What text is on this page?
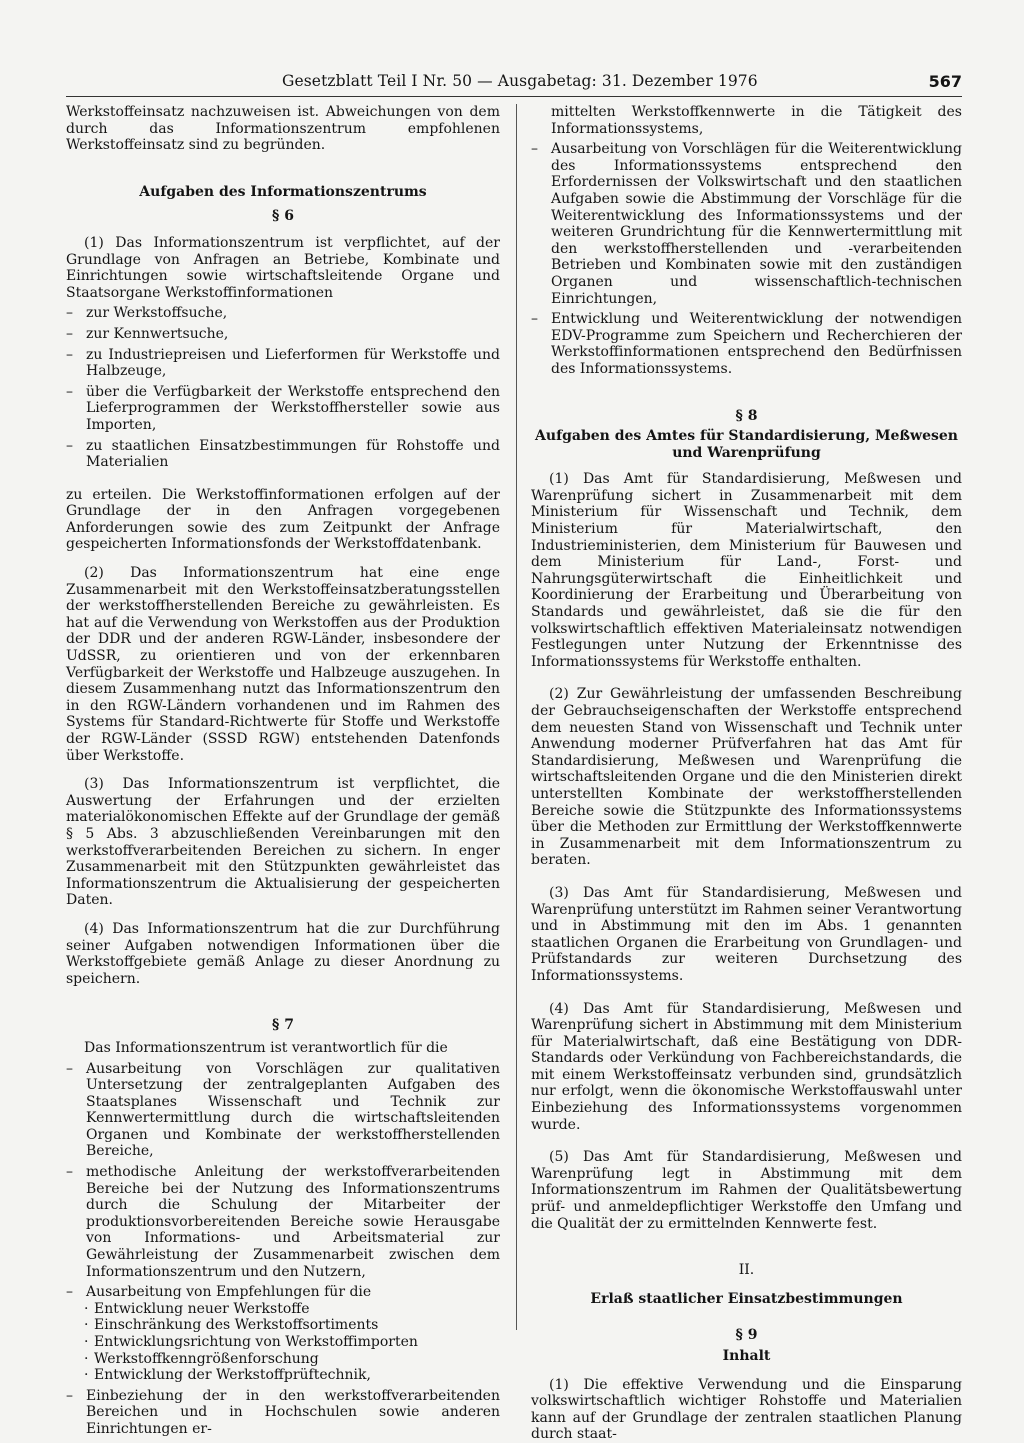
Gesetzblatt Teil I Nr. 50 — Ausgabetag: 31. Dezember 1976	567

Werkstoffeinsatz nachzuweisen ist. Abweichungen von dem durch das Informationszentrum empfohlenen Werkstoffeinsatz sind zu begründen.

Aufgaben des Informationszentrums

§ 6

(1) Das Informationszentrum ist verpflichtet, auf der Grundlage von Anfragen an Betriebe, Kombinate und Einrichtungen sowie wirtschaftsleitende Organe und Staatsorgane Werkstoffinformationen

– zur Werkstoffsuche,
– zur Kennwertsuche,
– zu Industriepreisen und Lieferformen für Werkstoffe und Halbzeuge,
– über die Verfügbarkeit der Werkstoffe entsprechend den Lieferprogrammen der Werkstoffhersteller sowie aus Importen,
– zu staatlichen Einsatzbestimmungen für Rohstoffe und Materialien

zu erteilen. Die Werkstoffinformationen erfolgen auf der Grundlage der in den Anfragen vorgegebenen Anforderungen sowie des zum Zeitpunkt der Anfrage gespeicherten Informationsfonds der Werkstoffdatenbank.

(2) Das Informationszentrum hat eine enge Zusammenarbeit mit den Werkstoffeinsatzberatungsstellen der werkstoffherstellenden Bereiche zu gewährleisten. Es hat auf die Verwendung von Werkstoffen aus der Produktion der DDR und der anderen RGW-Länder, insbesondere der UdSSR, zu orientieren und von der erkennbaren Verfügbarkeit der Werkstoffe und Halbzeuge auszugehen. In diesem Zusammenhang nutzt das Informationszentrum den in den RGW-Ländern vorhandenen und im Rahmen des Systems für Standard-Richtwerte für Stoffe und Werkstoffe der RGW-Länder (SSSD RGW) entstehenden Datenfonds über Werkstoffe.

(3) Das Informationszentrum ist verpflichtet, die Auswertung der Erfahrungen und der erzielten materialökonomischen Effekte auf der Grundlage der gemäß § 5 Abs. 3 abzuschließenden Vereinbarungen mit den werkstoffverarbeitenden Bereichen zu sichern. In enger Zusammenarbeit mit den Stützpunkten gewährleistet das Informationszentrum die Aktualisierung der gespeicherten Daten.

(4) Das Informationszentrum hat die zur Durchführung seiner Aufgaben notwendigen Informationen über die Werkstoffgebiete gemäß Anlage zu dieser Anordnung zu speichern.

§ 7

Das Informationszentrum ist verantwortlich für die

– Ausarbeitung von Vorschlägen zur qualitativen Untersetzung der zentralgeplanten Aufgaben des Staatsplanes Wissenschaft und Technik zur Kennwertermittlung durch die wirtschaftsleitenden Organen und Kombinate der werkstoffherstellenden Bereiche,
– methodische Anleitung der werkstoffverarbeitenden Bereiche bei der Nutzung des Informationszentrums durch die Schulung der Mitarbeiter der produktionsvorbereitenden Bereiche sowie Herausgabe von Informations- und Arbeitsmaterial zur Gewährleistung der Zusammenarbeit zwischen dem Informationszentrum und den Nutzern,
– Ausarbeitung von Empfehlungen für die
· Entwicklung neuer Werkstoffe
· Einschränkung des Werkstoffsortiments
· Entwicklungsrichtung von Werkstoffimporten
· Werkstoffkenngrößenforschung
· Entwicklung der Werkstoffprüftechnik,
– Einbeziehung der in den werkstoffverarbeitenden Bereichen und in Hochschulen sowie anderen Einrichtungen er-
mittelten Werkstoffkennwerte in die Tätigkeit des Informationssystems,
– Ausarbeitung von Vorschlägen für die Weiterentwicklung des Informationssystems entsprechend den Erfordernissen der Volkswirtschaft und den staatlichen Aufgaben sowie die Abstimmung der Vorschläge für die Weiterentwicklung des Informationssystems und der weiteren Grundrichtung für die Kennwertermittlung mit den werkstoffherstellenden und -verarbeitenden Betrieben und Kombinaten sowie mit den zuständigen Organen und wissenschaftlich-technischen Einrichtungen,
– Entwicklung und Weiterentwicklung der notwendigen EDV-Programme zum Speichern und Recherchieren der Werkstoffinformationen entsprechend den Bedürfnissen des Informationssystems.

§ 8

Aufgaben des Amtes für Standardisierung, Meßwesen

und Warenprüfung

(1) Das Amt für Standardisierung, Meßwesen und Warenprüfung sichert in Zusammenarbeit mit dem Ministerium für Wissenschaft und Technik, dem Ministerium für Materialwirtschaft, den Industrieministerien, dem Ministerium für Bauwesen und dem Ministerium für Land-, Forst- und Nahrungsgüterwirtschaft die Einheitlichkeit und Koordinierung der Erarbeitung und Überarbeitung von Standards und gewährleistet, daß sie die für den volkswirtschaftlich effektiven Materialeinsatz notwendigen Festlegungen unter Nutzung der Erkenntnisse des Informationssystems für Werkstoffe enthalten.

(2) Zur Gewährleistung der umfassenden Beschreibung der Gebrauchseigenschaften der Werkstoffe entsprechend dem neuesten Stand von Wissenschaft und Technik unter Anwendung moderner Prüfverfahren hat das Amt für Standardisierung, Meßwesen und Warenprüfung die wirtschaftsleitenden Organe und die den Ministerien direkt unterstellten Kombinate der werkstoffherstellenden Bereiche sowie die Stützpunkte des Informationssystems über die Methoden zur Ermittlung der Werkstoffkennwerte in Zusammenarbeit mit dem Informationszentrum zu beraten.

(3) Das Amt für Standardisierung, Meßwesen und Warenprüfung unterstützt im Rahmen seiner Verantwortung und in Abstimmung mit den im Abs. 1 genannten staatlichen Organen die Erarbeitung von Grundlagen- und Prüfstandards zur weiteren Durchsetzung des Informationssystems.

(4) Das Amt für Standardisierung, Meßwesen und Warenprüfung sichert in Abstimmung mit dem Ministerium für Materialwirtschaft, daß eine Bestätigung von DDR-Standards oder Verkündung von Fachbereichstandards, die mit einem Werkstoffeinsatz verbunden sind, grundsätzlich nur erfolgt, wenn die ökonomische Werkstoffauswahl unter Einbeziehung des Informationssystems vorgenommen wurde.

(5) Das Amt für Standardisierung, Meßwesen und Warenprüfung legt in Abstimmung mit dem Informationszentrum im Rahmen der Qualitätsbewertung prüf- und anmeldepflichtiger Werkstoffe den Umfang und die Qualität der zu ermittelnden Kennwerte fest.

II.

Erlaß staatlicher Einsatzbestimmungen

§ 9

Inhalt

(1) Die effektive Verwendung und die Einsparung volkswirtschaftlich wichtiger Rohstoffe und Materialien kann auf der Grundlage der zentralen staatlichen Planung durch staat-
